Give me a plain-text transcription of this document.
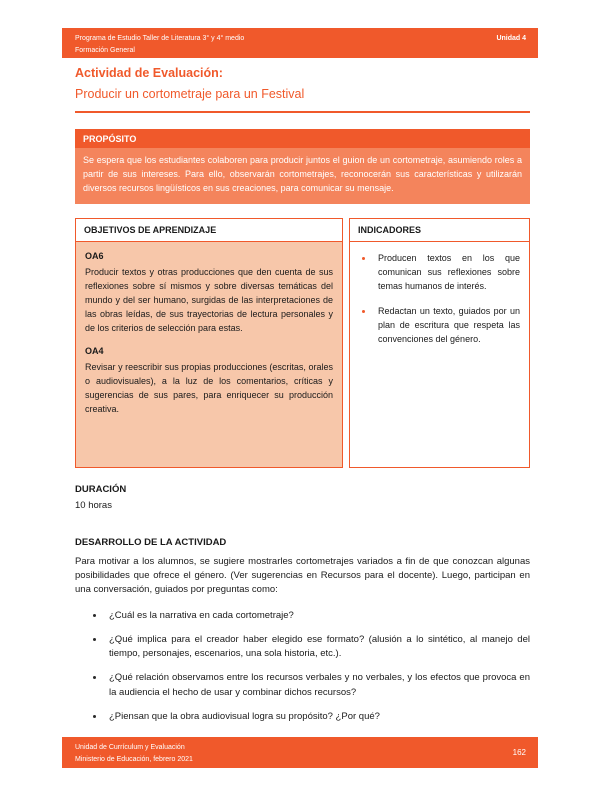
Programa de Estudio Taller de Literatura 3° y 4° medio
Formación General
Unidad 4
Actividad de Evaluación:
Producir un cortometraje para un Festival
PROPÓSITO
Se espera que los estudiantes colaboren para producir juntos el guion de un cortometraje, asumiendo roles a partir de sus intereses. Para ello, observarán cortometrajes, reconocerán sus características y utilizarán diversos recursos lingüísticos en sus creaciones, para comunicar su mensaje.
OBJETIVOS DE APRENDIZAJE
OA6
Producir textos y otras producciones que den cuenta de sus reflexiones sobre sí mismos y sobre diversas temáticas del mundo y del ser humano, surgidas de las interpretaciones de las obras leídas, de sus trayectorias de lectura personales y de los criterios de selección para estas.
OA4
Revisar y reescribir sus propias producciones (escritas, orales o audiovisuales), a la luz de los comentarios, críticas y sugerencias de sus pares, para enriquecer su producción creativa.
INDICADORES
• Producen textos en los que comunican sus reflexiones sobre temas humanos de interés.
• Redactan un texto, guiados por un plan de escritura que respeta las convenciones del género.
DURACIÓN
10 horas
DESARROLLO DE LA ACTIVIDAD
Para motivar a los alumnos, se sugiere mostrarles cortometrajes variados a fin de que conozcan algunas posibilidades que ofrece el género. (Ver sugerencias en Recursos para el docente). Luego, participan en una conversación, guiados por preguntas como:
• ¿Cuál es la narrativa en cada cortometraje?
• ¿Qué implica para el creador haber elegido ese formato? (alusión a lo sintético, al manejo del tiempo, personajes, escenarios, una sola historia, etc.).
• ¿Qué relación observamos entre los recursos verbales y no verbales, y los efectos que provoca en la audiencia el hecho de usar y combinar dichos recursos?
• ¿Piensan que la obra audiovisual logra su propósito? ¿Por qué?
Unidad de Currículum y Evaluación
Ministerio de Educación, febrero 2021
162
